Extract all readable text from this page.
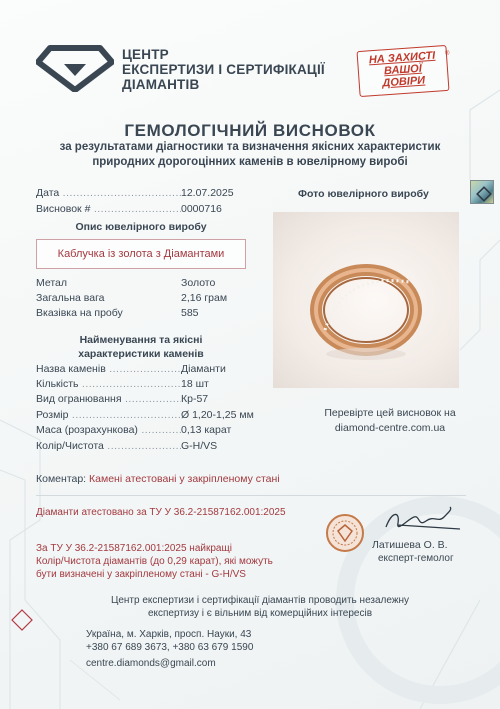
ЦЕНТР
ЕКСПЕРТИЗИ І СЕРТИФІКАЦІЇ
ДІАМАНТІВ
НА ЗАХИСТІ
ВАШОЇ
ДОВІРИ
®
ГЕМОЛОГІЧНИЙ ВИСНОВОК
за результатами діагностики та визначення якісних характеристик
природних дорогоцінних каменів в ювелірному виробі
Дата .....	12.07.2025
Висновок # .....	0000716
Опис ювелірного виробу
Каблучка із золота з Діамантами
Метал	Золото
Загальна вага	2,16 грам
Вказівка на пробу	585
Найменування та якісні
характеристики каменів
Назва каменів .....	Діаманти
Кількість .....	18 шт
Вид огранювання .....	Кр-57
Розмір .....	Ø 1,20-1,25 мм
Маса (розрахункова) .....	0,13 карат
Колір/Чистота .....	G-H/VS
Фото ювелірного виробу
Перевірте цей висновок на
diamond-centre.com.ua
Коментар: Камені атестовані у закріпленому стані
Діаманти атестовано за ТУ У 36.2-21587162.001:2025
За ТУ У 36.2-21587162.001:2025 найкращі
Колір/Чистота діамантів (до 0,29 карат), які можуть
бути визначені у закріпленому стані - G-H/VS
Латишева О. В.
експерт-гемолог
Центр експертизи і сертифікації діамантів проводить незалежну
експертизу і є вільним від комерційних інтересів
Україна, м. Харків, просп. Науки, 43
+380 67 689 3673, +380 63 679 1590
centre.diamonds@gmail.com
